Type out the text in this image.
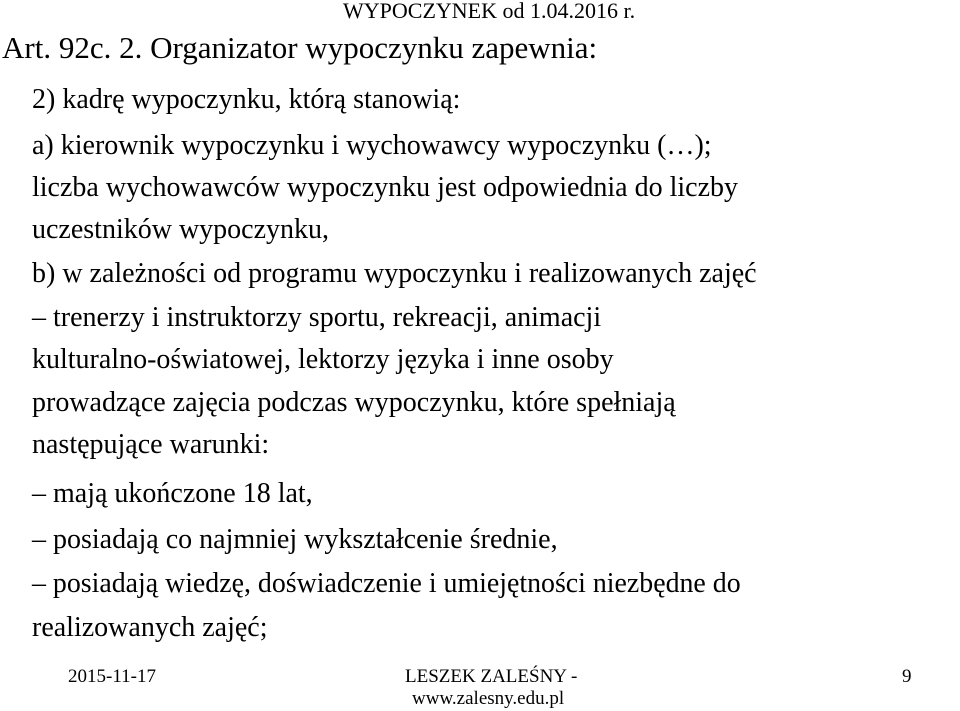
WYPOCZYNEK od 1.04.2016 r.
Art. 92c. 2. Organizator wypoczynku zapewnia:
2) kadrę wypoczynku, którą stanowią:
a) kierownik wypoczynku i wychowawcy wypoczynku (…);
liczba wychowawców wypoczynku jest odpowiednia do liczby
uczestników wypoczynku,
b) w zależności od programu wypoczynku i realizowanych zajęć
– trenerzy i instruktorzy sportu, rekreacji, animacji
kulturalno-oświatowej, lektorzy języka i inne osoby
prowadzące zajęcia podczas wypoczynku, które spełniają
następujące warunki:
– mają ukończone 18 lat,
– posiadają co najmniej wykształcenie średnie,
– posiadają wiedzę, doświadczenie i umiejętności niezbędne do
realizowanych zajęć;
2015-11-17	LESZEK ZALEŚNY -
www.zalesny.edu.pl
9
